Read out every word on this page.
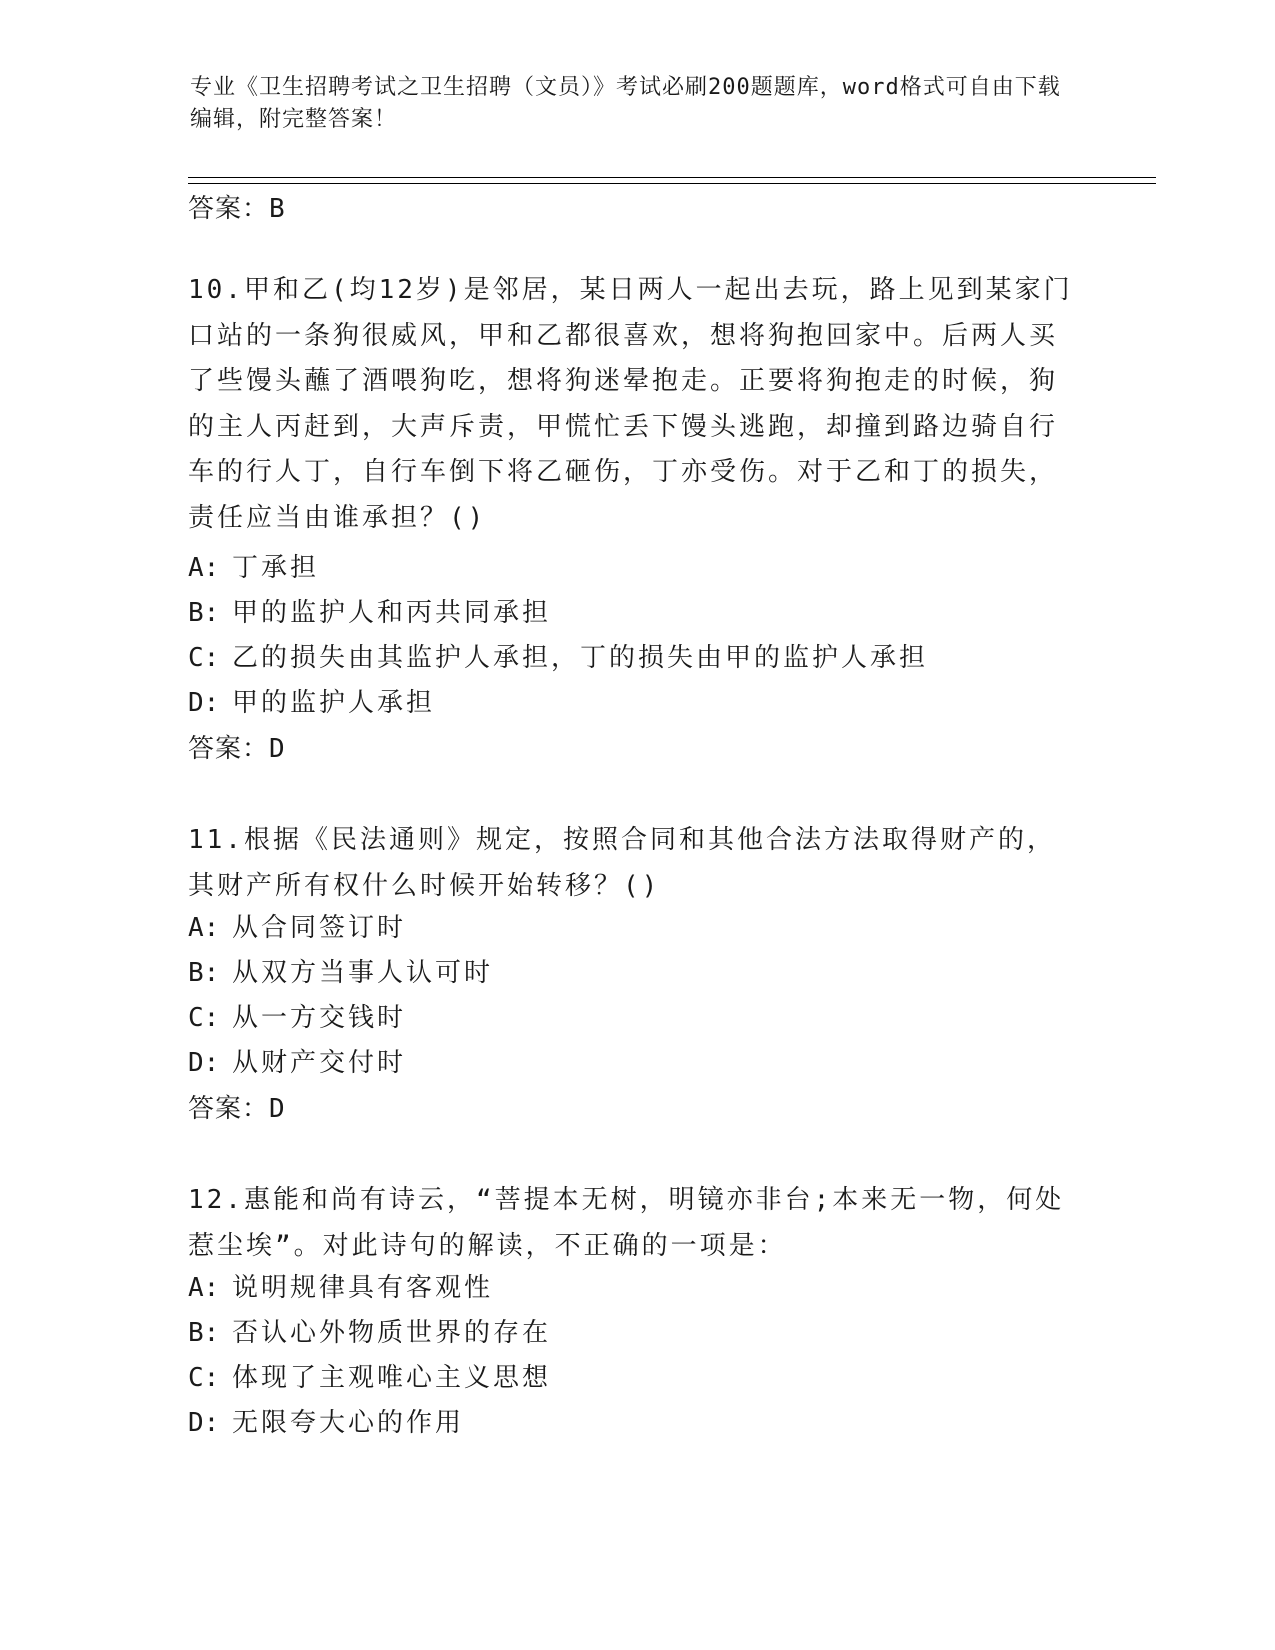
专业《卫生招聘考试之卫生招聘（文员）》考试必刷200题题库，word格式可自由下载编辑，附完整答案！
答案：B
10.甲和乙(均12岁)是邻居，某日两人一起出去玩，路上见到某家门口站的一条狗很威风，甲和乙都很喜欢，想将狗抱回家中。后两人买了些馒头蘸了酒喂狗吃，想将狗迷晕抱走。正要将狗抱走的时候，狗的主人丙赶到，大声斥责，甲慌忙丢下馒头逃跑，却撞到路边骑自行车的行人丁，自行车倒下将乙砸伤，丁亦受伤。对于乙和丁的损失，责任应当由谁承担？()
A: 丁承担
B: 甲的监护人和丙共同承担
C: 乙的损失由其监护人承担，丁的损失由甲的监护人承担
D: 甲的监护人承担
答案：D
11.根据《民法通则》规定，按照合同和其他合法方法取得财产的，其财产所有权什么时候开始转移？()
A: 从合同签订时
B: 从双方当事人认可时
C: 从一方交钱时
D: 从财产交付时
答案：D
12.惠能和尚有诗云，“菩提本无树，明镜亦非台;本来无一物，何处惹尘埃”。对此诗句的解读，不正确的一项是：
A: 说明规律具有客观性
B: 否认心外物质世界的存在
C: 体现了主观唯心主义思想
D: 无限夸大心的作用
